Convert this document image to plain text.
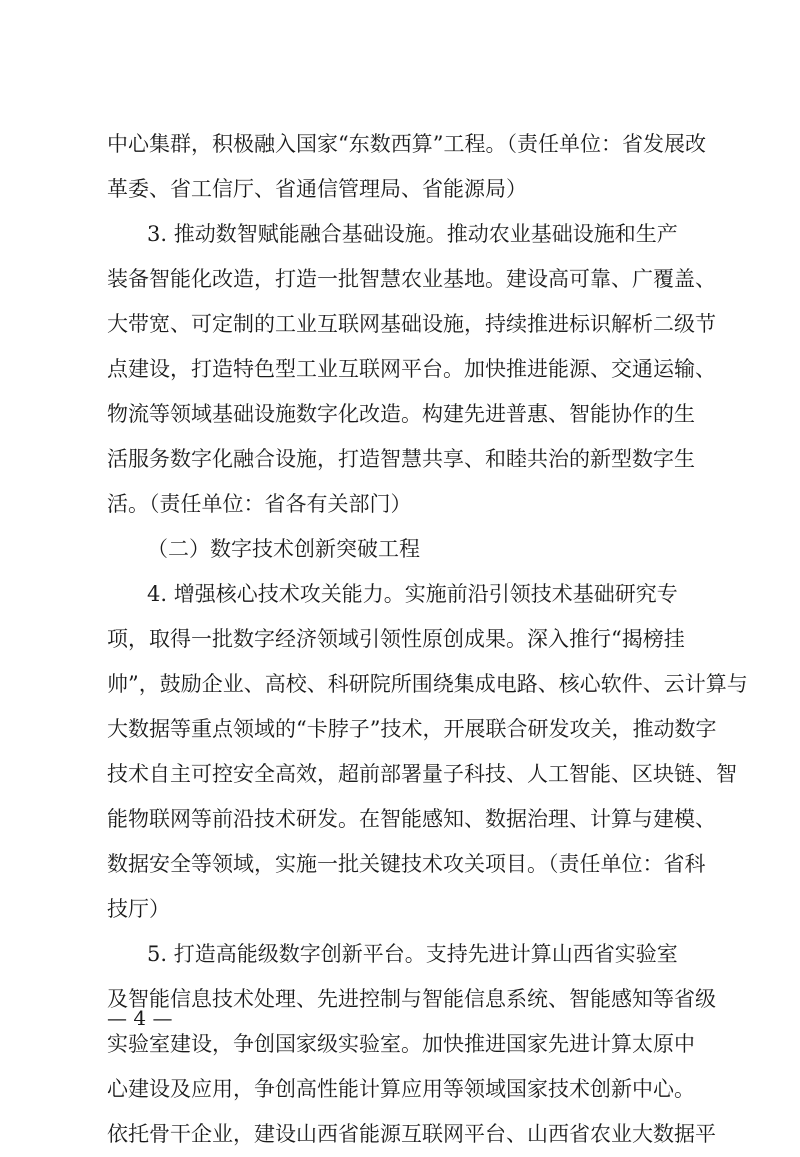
中心集群，积极融入国家“东数西算”工程。（责任单位：省发展改
革委、省工信厅、省通信管理局、省能源局）
3. 推动数智赋能融合基础设施。推动农业基础设施和生产
装备智能化改造，打造一批智慧农业基地。建设高可靠、广覆盖、
大带宽、可定制的工业互联网基础设施，持续推进标识解析二级节
点建设，打造特色型工业互联网平台。加快推进能源、交通运输、
物流等领域基础设施数字化改造。构建先进普惠、智能协作的生
活服务数字化融合设施，打造智慧共享、和睦共治的新型数字生
活。（责任单位：省各有关部门）
（二）数字技术创新突破工程
4. 增强核心技术攻关能力。实施前沿引领技术基础研究专
项，取得一批数字经济领域引领性原创成果。深入推行“揭榜挂
帅”，鼓励企业、高校、科研院所围绕集成电路、核心软件、云计算与
大数据等重点领域的“卡脖子”技术，开展联合研发攻关，推动数字
技术自主可控安全高效，超前部署量子科技、人工智能、区块链、智
能物联网等前沿技术研发。在智能感知、数据治理、计算与建模、
数据安全等领域，实施一批关键技术攻关项目。（责任单位：省科
技厅）
5. 打造高能级数字创新平台。支持先进计算山西省实验室
及智能信息技术处理、先进控制与智能信息系统、智能感知等省级
实验室建设，争创国家级实验室。加快推进国家先进计算太原中
心建设及应用，争创高性能计算应用等领域国家技术创新中心。
依托骨干企业，建设山西省能源互联网平台、山西省农业大数据平
— 4 —
